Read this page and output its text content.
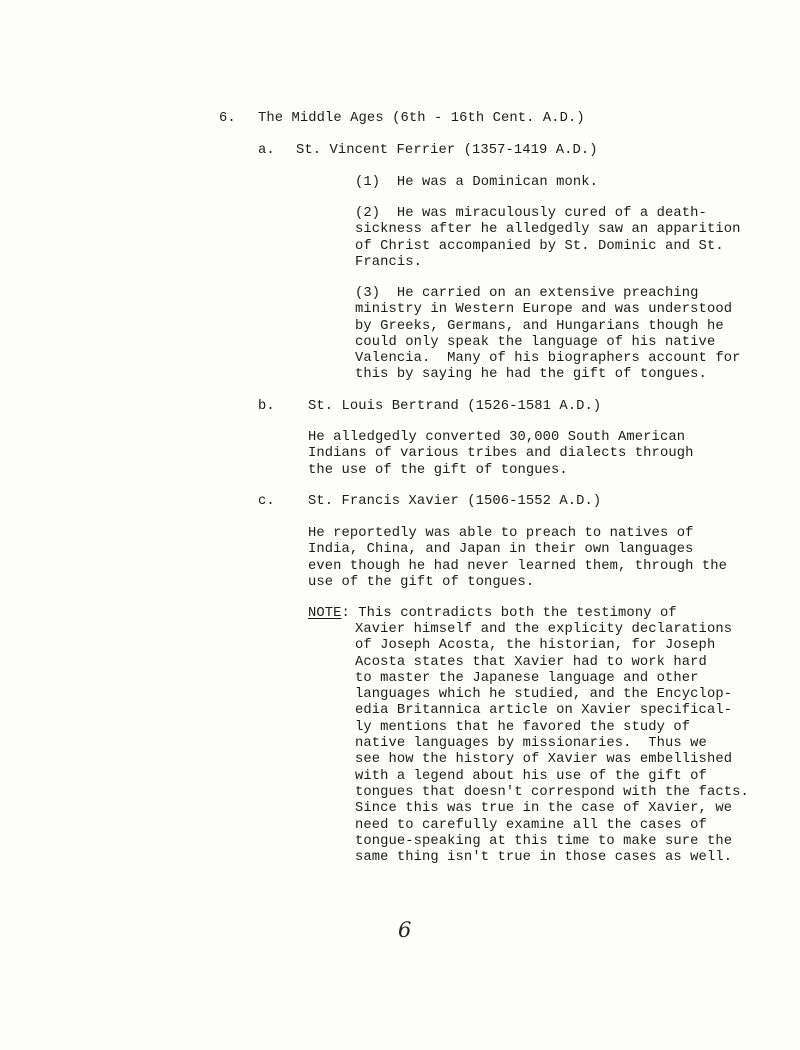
6. The Middle Ages (6th - 16th Cent. A.D.)
a. St. Vincent Ferrier (1357-1419 A.D.)
(1)  He was a Dominican monk.
(2)  He was miraculously cured of a death-
sickness after he alledgedly saw an apparition
of Christ accompanied by St. Dominic and St.
Francis.
(3)  He carried on an extensive preaching
ministry in Western Europe and was understood
by Greeks, Germans, and Hungarians though he
could only speak the language of his native
Valencia.  Many of his biographers account for
this by saying he had the gift of tongues.
b. St. Louis Bertrand (1526-1581 A.D.)
He alledgedly converted 30,000 South American
Indians of various tribes and dialects through
the use of the gift of tongues.
c. St. Francis Xavier (1506-1552 A.D.)
He reportedly was able to preach to natives of
India, China, and Japan in their own languages
even though he had never learned them, through the
use of the gift of tongues.
NOTE: This contradicts both the testimony of
Xavier himself and the explicity declarations
of Joseph Acosta, the historian, for Joseph
Acosta states that Xavier had to work hard
to master the Japanese language and other
languages which he studied, and the Encyclop-
edia Britannica article on Xavier specifical-
ly mentions that he favored the study of
native languages by missionaries.  Thus we
see how the history of Xavier was embellished
with a legend about his use of the gift of
tongues that doesn't correspond with the facts.
Since this was true in the case of Xavier, we
need to carefully examine all the cases of
tongue-speaking at this time to make sure the
same thing isn't true in those cases as well.
6
